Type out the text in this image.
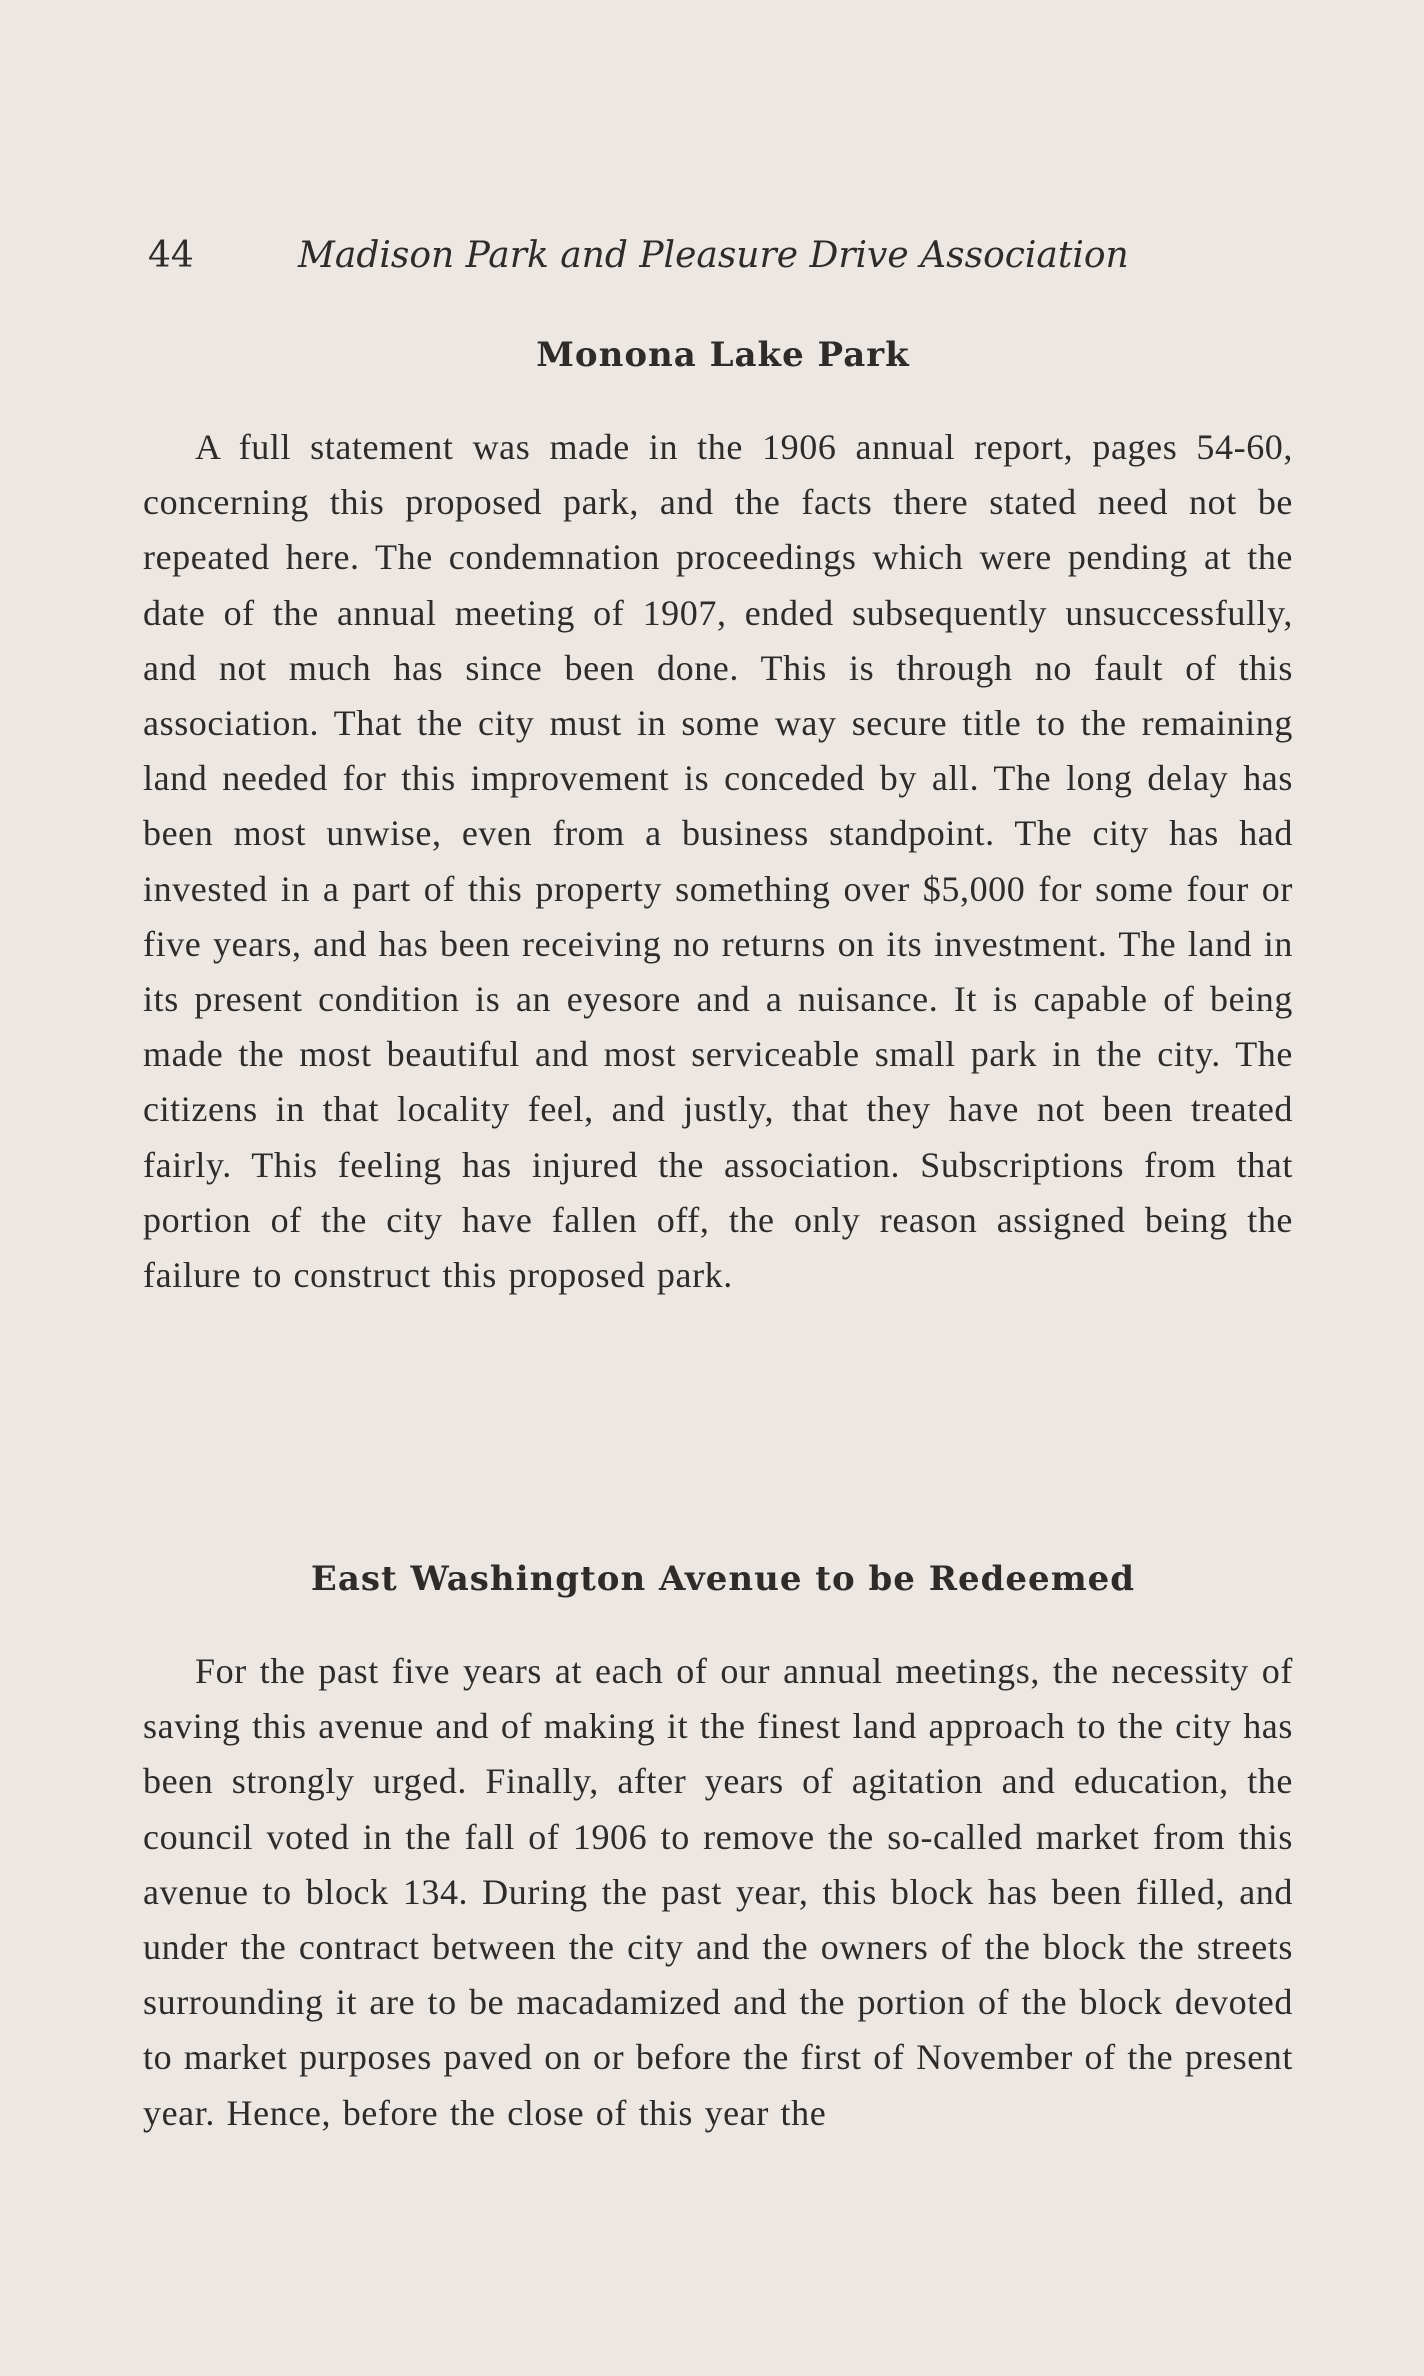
44	Madison Park and Pleasure Drive Association
Monona Lake Park

A full statement was made in the 1906 annual report, pages 54-60, concerning this proposed park, and the facts there stated need not be repeated here. The condemnation proceedings which were pending at the date of the annual meeting of 1907, ended subsequently unsuccessfully, and not much has since been done. This is through no fault of this association. That the city must in some way secure title to the remaining land needed for this improvement is conceded by all. The long delay has been most unwise, even from a business standpoint. The city has had invested in a part of this property something over $5,000 for some four or five years, and has been receiving no returns on its investment. The land in its present condition is an eyesore and a nuisance. It is capable of being made the most beautiful and most serviceable small park in the city. The citizens in that locality feel, and justly, that they have not been treated fairly. This feeling has injured the association. Subscriptions from that portion of the city have fallen off, the only reason assigned being the failure to construct this proposed park.

East Washington Avenue to be Redeemed

For the past five years at each of our annual meetings, the necessity of saving this avenue and of making it the finest land approach to the city has been strongly urged. Finally, after years of agitation and education, the council voted in the fall of 1906 to remove the so-called market from this avenue to block 134. During the past year, this block has been filled, and under the contract between the city and the owners of the block the streets surrounding it are to be macadamized and the portion of the block devoted to market purposes paved on or before the first of November of the present year. Hence, before the close of this year the
